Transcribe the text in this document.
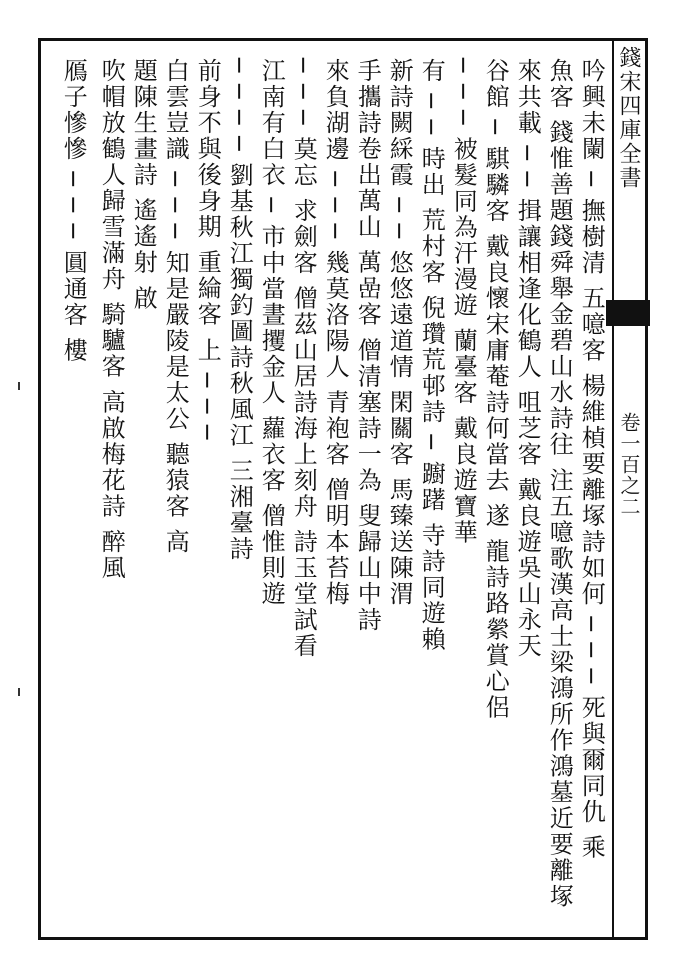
錢宋四庫全書
卷一百之二
吟興未闌 ─ 撫樹清 五噫客 楊維楨要離塚詩如何 ─ ─ ─ 死與爾同仇 乘
魚客 錢惟善題錢舜舉金碧山水詩往 注五噫歌漢高士梁鴻所作鴻墓近要離塚
來共載 ─ ─ 揖讓相逢化鶴人 咀芝客 戴良遊吳山永天
谷館 ─ 騏驎客 戴良懷宋庸菴詩何當去 遂 龍詩路縈賞心侶
─ ─ ─ 被髮同為汗漫遊 蘭臺客 戴良遊寶華
有 ─ ─ 時出 荒村客 倪瓚荒邨詩 ─ 躕躇 寺詩同遊賴
新詩闕綵霞 ─ ─ 悠悠遠道情 閑關客 馬臻送陳渭
手攜詩卷出萬山 萬嵒客 僧清塞詩一為 叟歸山中詩
來負湖邊 ─ ─ ─ 幾莫洛陽人 青袍客 僧明本苔梅
─ ─ ─ 莫忘 求劍客 僧茲山居詩海上刻舟 詩玉堂試看
江南有白衣 ─ 市中當晝攫金人 蘿衣客 僧惟則遊
─ ─ ─ ─ 劉基秋江獨釣圖詩秋風江 三湘臺詩
前身不與後身期 重綸客 上 ─ ─ ─
白雲豈識 ─ ─ ─ 知是嚴陵是太公 聽猿客 高
題陳生畫詩 遙遙射 啟
吹帽放鶴人歸雪滿舟 騎驢客 高啟梅花詩 醉風
鴈子慘慘 ─ ─ ─ 圓通客 樓
